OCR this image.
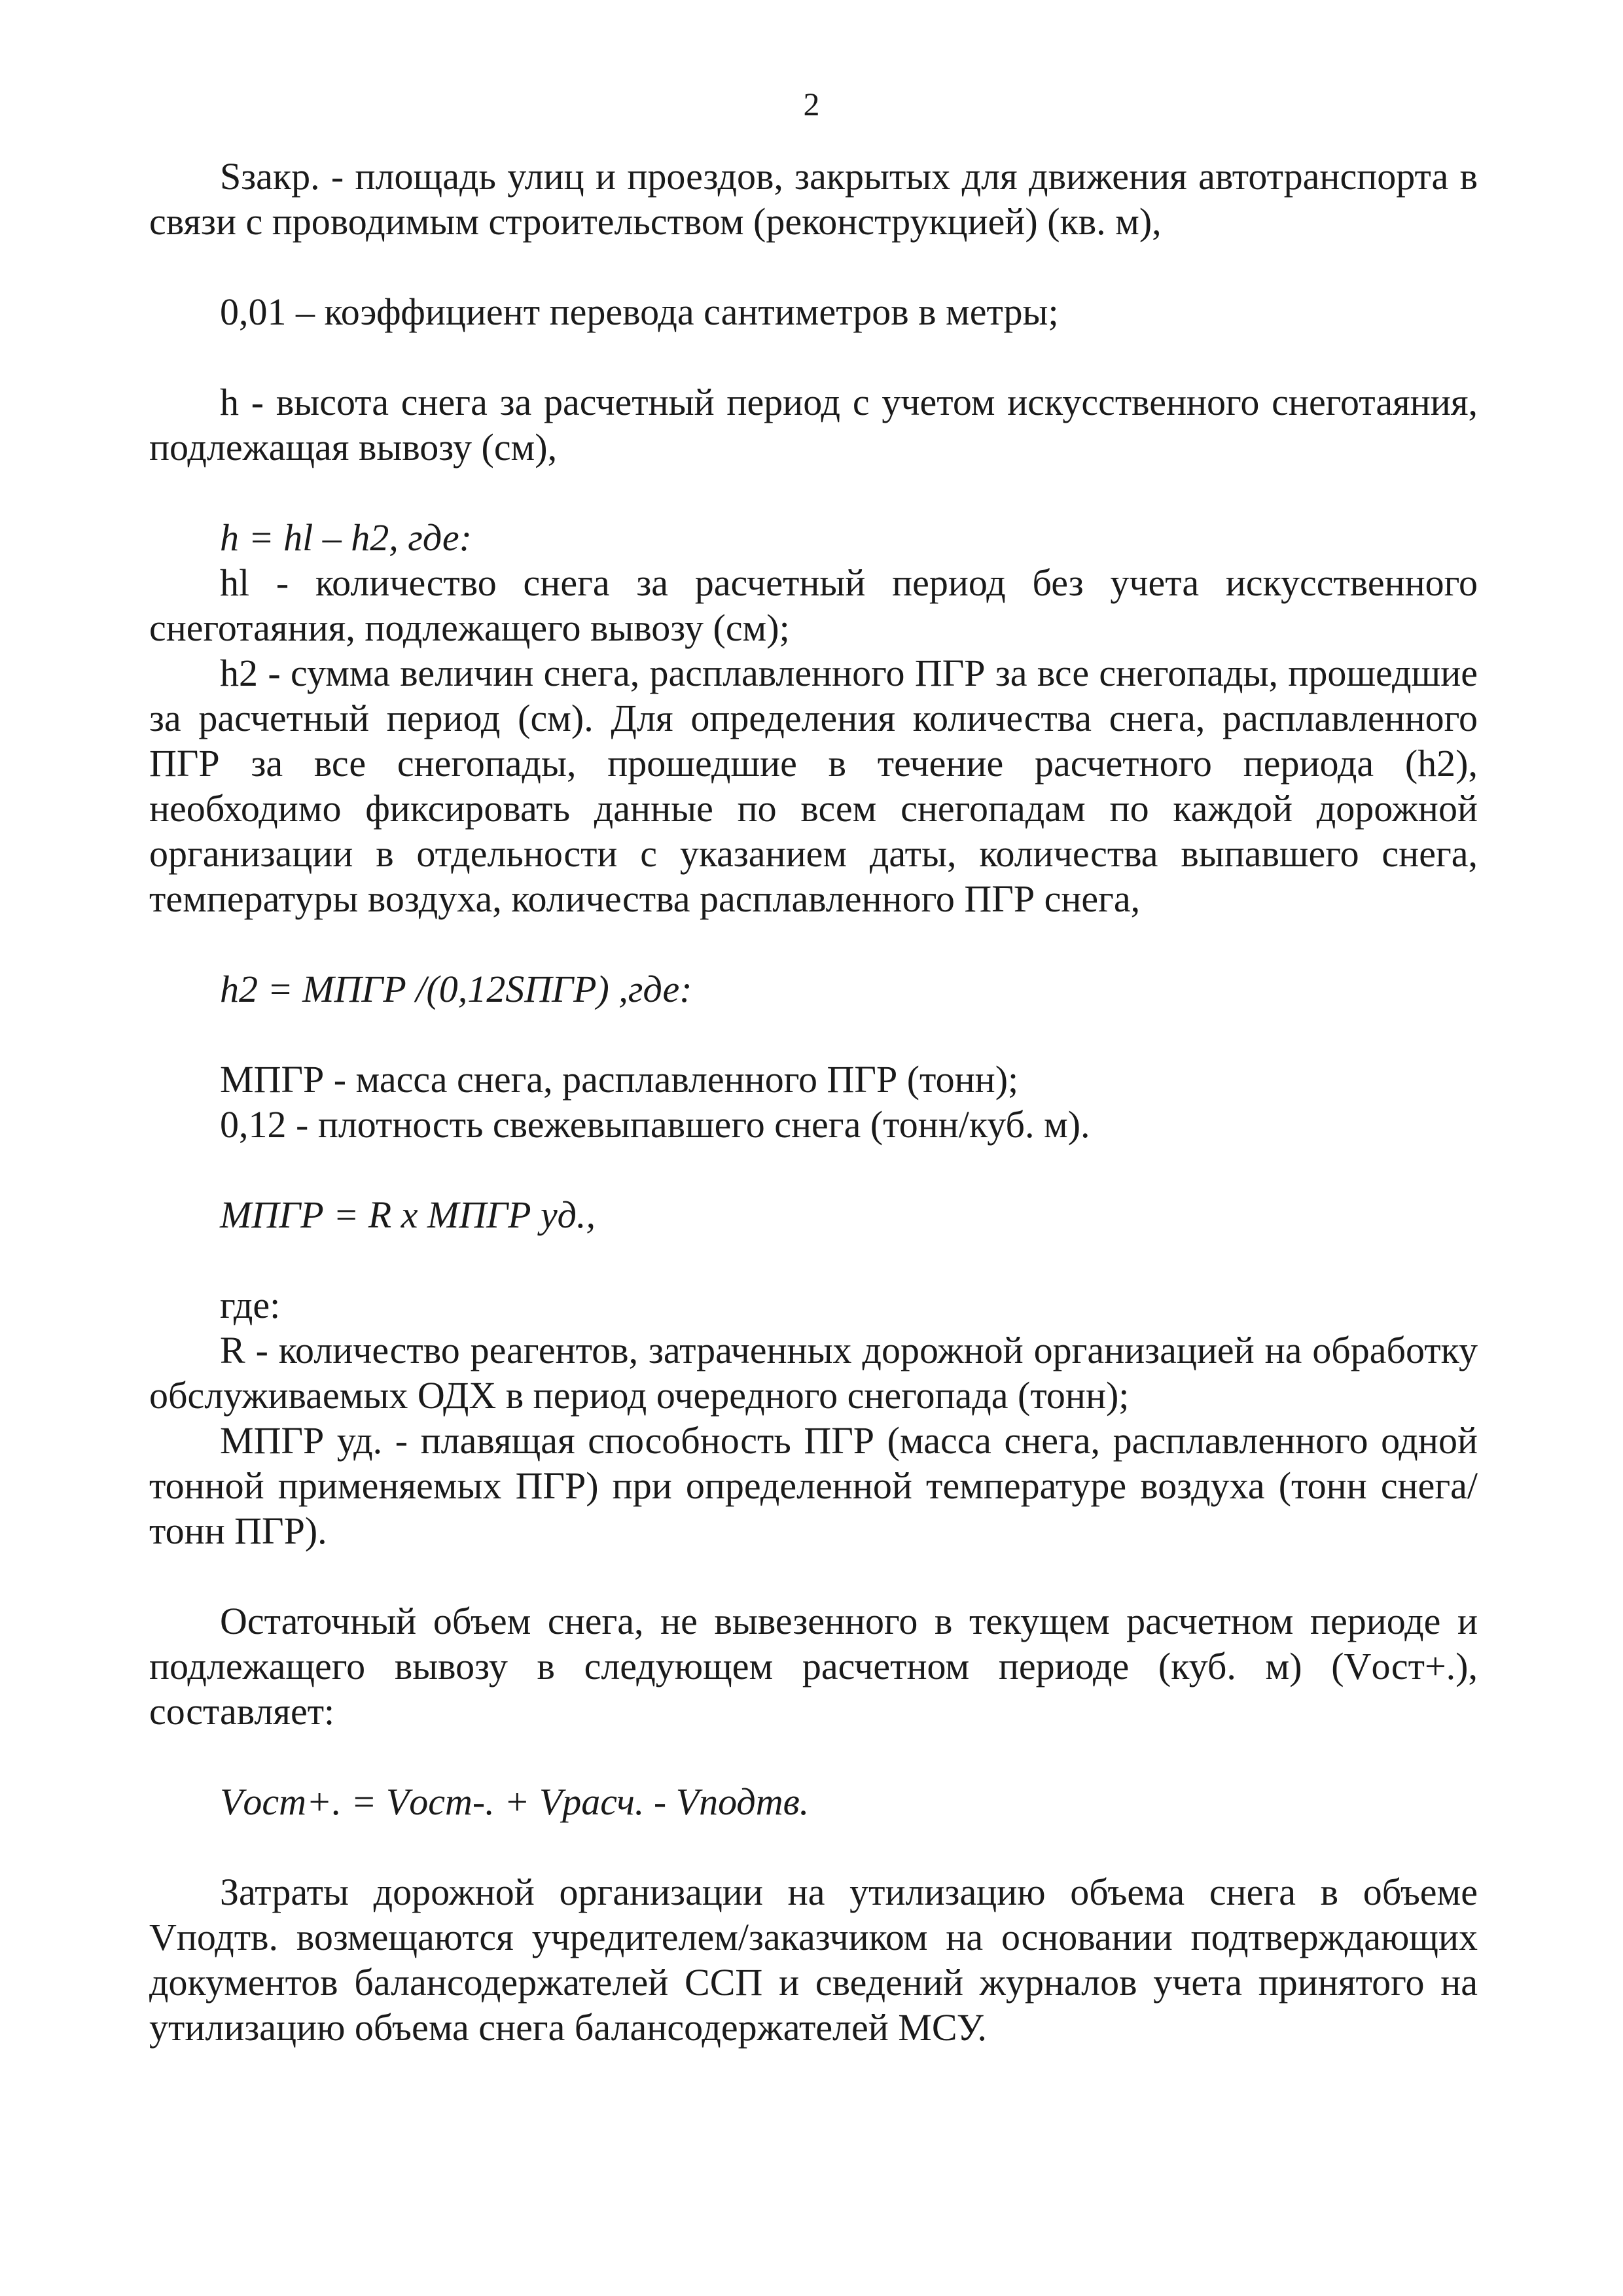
2

Sзакр. - площадь улиц и проездов, закрытых для движения автотранспорта в связи с проводимым строительством (реконструкцией) (кв. м),

0,01 – коэффициент перевода сантиметров в метры;

h - высота снега за расчетный период с учетом искусственного снеготаяния, подлежащая вывозу (см),

h = hl – h2, где:

hl - количество снега за расчетный период без учета искусственного снеготаяния, подлежащего вывозу (см);

h2 - сумма величин снега, расплавленного ПГР за все снегопады, прошедшие за расчетный период (см). Для определения количества снега, расплавленного ПГР за все снегопады, прошедшие в течение расчетного периода (h2), необходимо фиксировать данные по всем снегопадам по каждой дорожной организации в отдельности с указанием даты, количества выпавшего снега, температуры воздуха, количества расплавленного ПГР снега,

h2 = МПГР /(0,12SПГР) ,где:

МПГР - масса снега, расплавленного ПГР (тонн);

0,12 - плотность свежевыпавшего снега (тонн/куб. м).

МПГР = R x МПГР уд.,

где:

R - количество реагентов, затраченных дорожной организацией на обработку обслуживаемых ОДХ в период очередного снегопада (тонн);

МПГР уд. - плавящая способность ПГР (масса снега, расплавленного одной тонной применяемых ПГР) при определенной температуре воздуха (тонн снега/тонн ПГР).

Остаточный объем снега, не вывезенного в текущем расчетном периоде и подлежащего вывозу в следующем расчетном периоде (куб. м) (Vост+.), составляет:

Vост+. = Vост-. + Vрасч. - Vподтв.

Затраты дорожной организации на утилизацию объема снега в объеме Vподтв. возмещаются учредителем/заказчиком на основании подтверждающих документов балансодержателей ССП и сведений журналов учета принятого на утилизацию объема снега балансодержателей МСУ.
